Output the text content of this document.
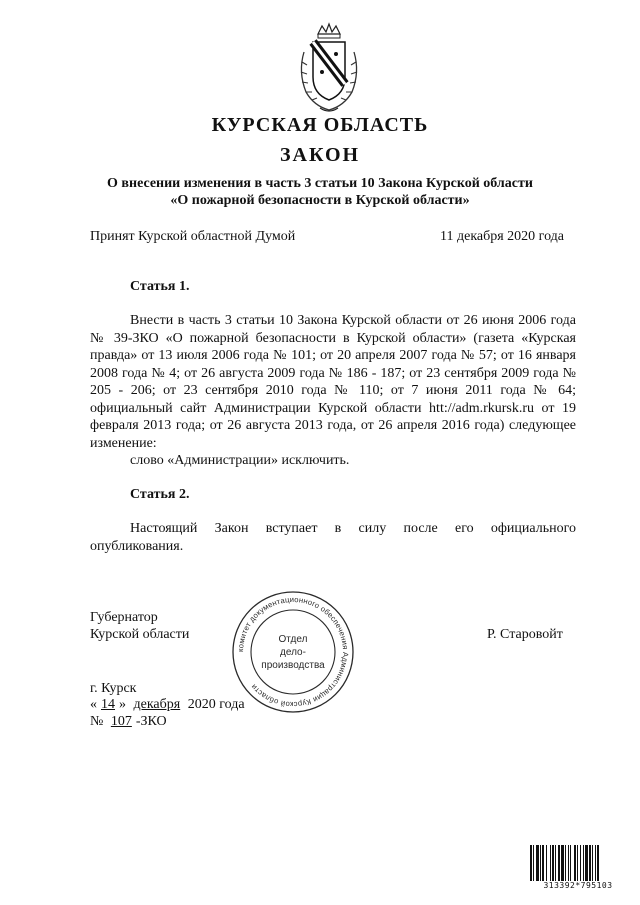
КУРСКАЯ ОБЛАСТЬ
ЗАКОН
О внесении изменения в часть 3 статьи 10 Закона Курской области
«О пожарной безопасности в Курской области»
Принят Курской областной Думой	11 декабря 2020 года
Статья 1.

Внести в часть 3 статьи 10 Закона Курской области от 26 июня 2006 года № 39-ЗКО «О пожарной безопасности в Курской области» (газета «Курская правда» от 13 июля 2006 года № 101; от 20 апреля 2007 года № 57; от 16 января 2008 года № 4; от 26 августа 2009 года № 186 - 187; от 23 сентября 2009 года № 205 - 206; от 23 сентября 2010 года № 110; от 7 июня 2011 года № 64; официальный сайт Администрации Курской области htt://adm.rkursk.ru от 19 февраля 2013 года; от 26 августа 2013 года, от 26 апреля 2016 года) следующее изменение:

слово «Администрации» исключить.

Статья 2.

Настоящий Закон вступает в силу после его официального опубликования.

Губернатор
Курской области	Р. Старовойт
г. Курск
« 14 » декабря 2020 года
№ 107 -ЗКО
комитет документационного обеспечения Администрации Курской области
Отдел
дело-
производства
313392*795103
